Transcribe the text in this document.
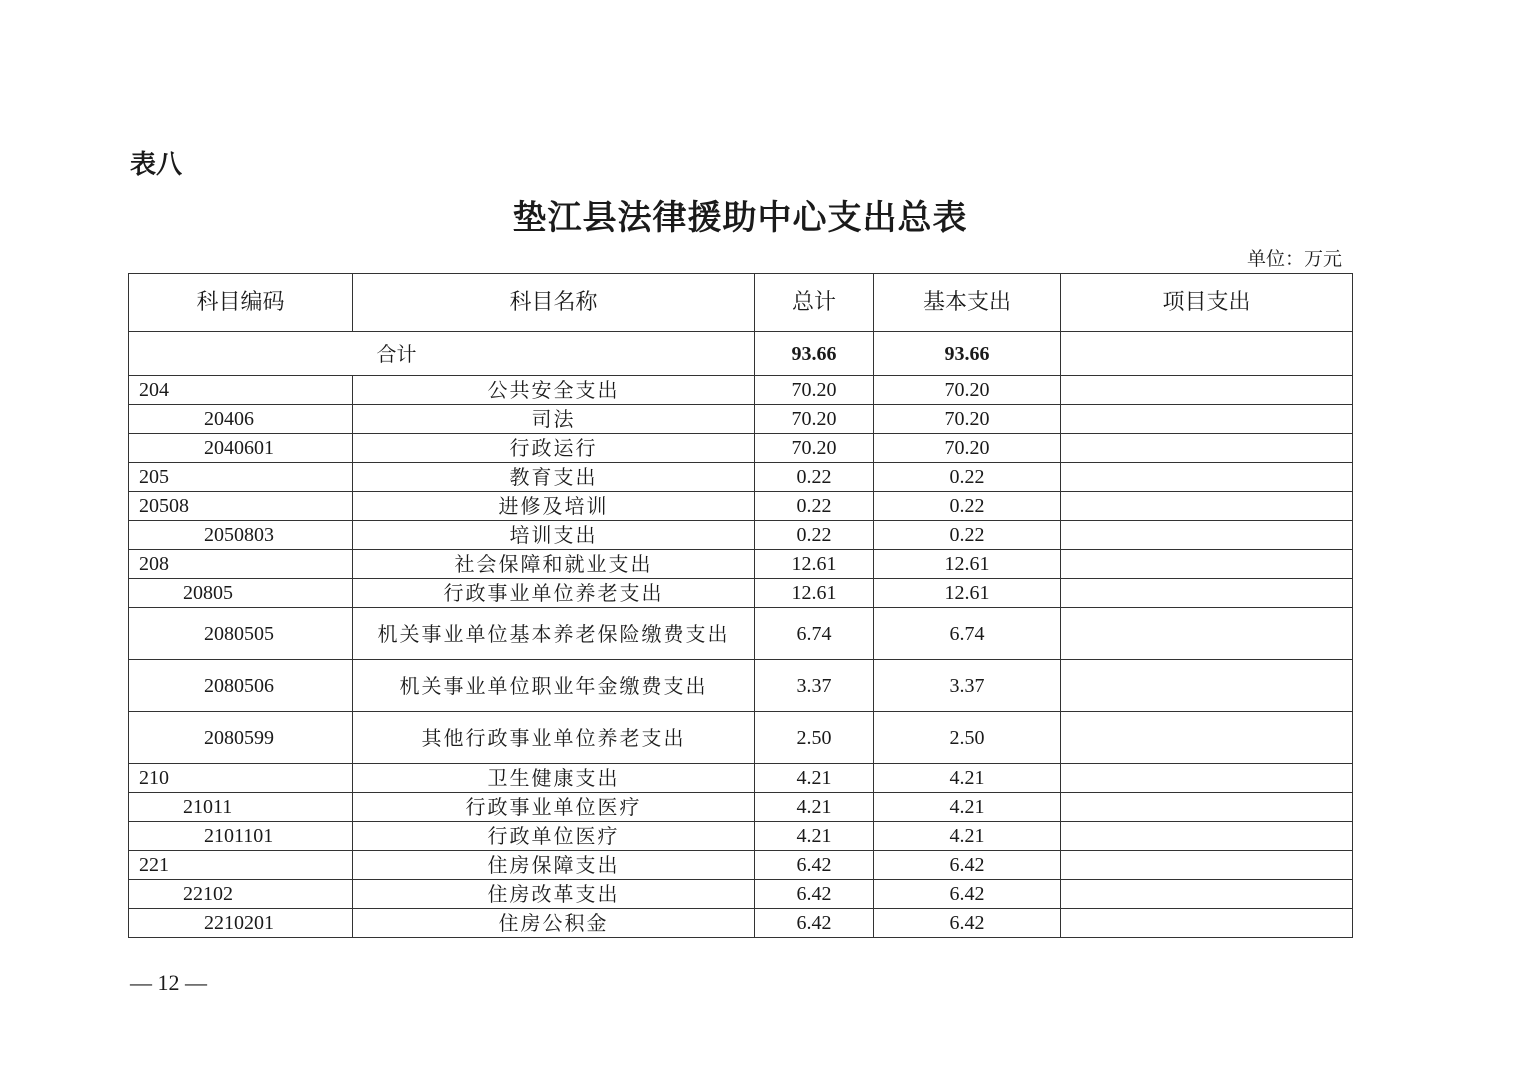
表八
垫江县法律援助中心支出总表
单位：万元
科目编码	科目名称	总计	基本支出	项目支出
合计		93.66	93.66	
204	公共安全支出	70.20	70.20	
20406	司法	70.20	70.20	
2040601	行政运行	70.20	70.20	
205	教育支出	0.22	0.22	
20508	进修及培训	0.22	0.22	
2050803	培训支出	0.22	0.22	
208	社会保障和就业支出	12.61	12.61	
20805	行政事业单位养老支出	12.61	12.61	
2080505	机关事业单位基本养老保险缴费支出	6.74	6.74	
2080506	机关事业单位职业年金缴费支出	3.37	3.37	
2080599	其他行政事业单位养老支出	2.50	2.50	
210	卫生健康支出	4.21	4.21	
21011	行政事业单位医疗	4.21	4.21	
2101101	行政单位医疗	4.21	4.21	
221	住房保障支出	6.42	6.42	
22102	住房改革支出	6.42	6.42	
2210201	住房公积金	6.42	6.42	
— 12 —
